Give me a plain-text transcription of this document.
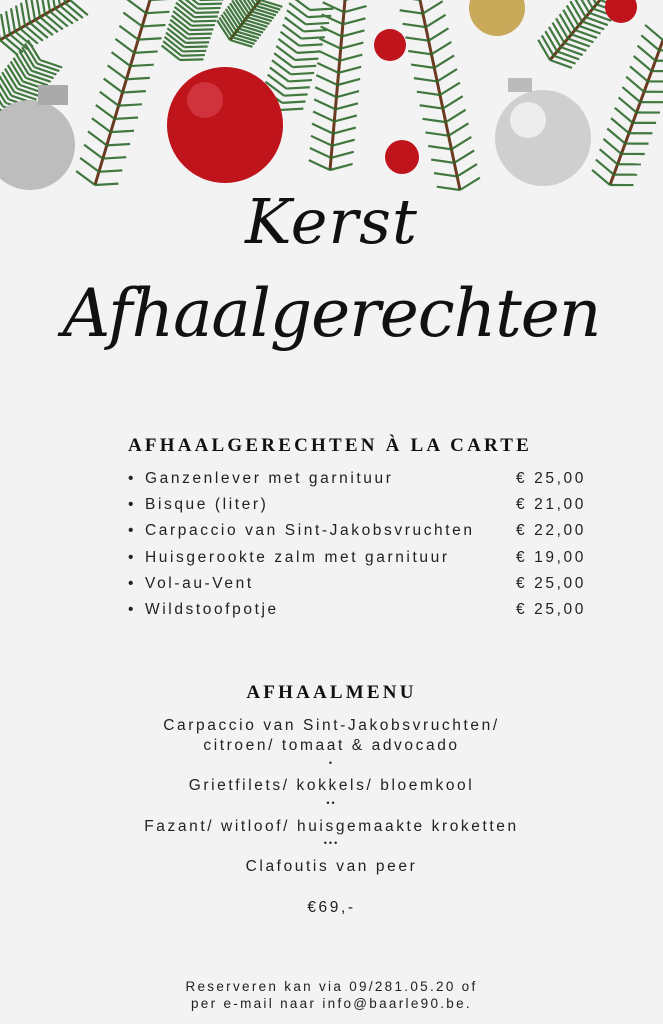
Kerst
Afhaalgerechten
AFHAALGERECHTEN À LA CARTE
• Ganzenlever met garnituur	€ 25,00
• Bisque (liter)	€ 21,00
• Carpaccio van Sint-Jakobsvruchten	€ 22,00
• Huisgerookte zalm met garnituur	€ 19,00
• Vol-au-Vent	€ 25,00
• Wildstoofpotje	€ 25,00
AFHAALMENU
Carpaccio van Sint-Jakobsvruchten/
citroen/ tomaat & advocado
•
Grietfilets/ kokkels/ bloemkool
••
Fazant/ witloof/ huisgemaakte kroketten
•••
Clafoutis van peer
€69,-
Reserveren kan via 09/281.05.20 of
per e-mail naar info@baarle90.be.
